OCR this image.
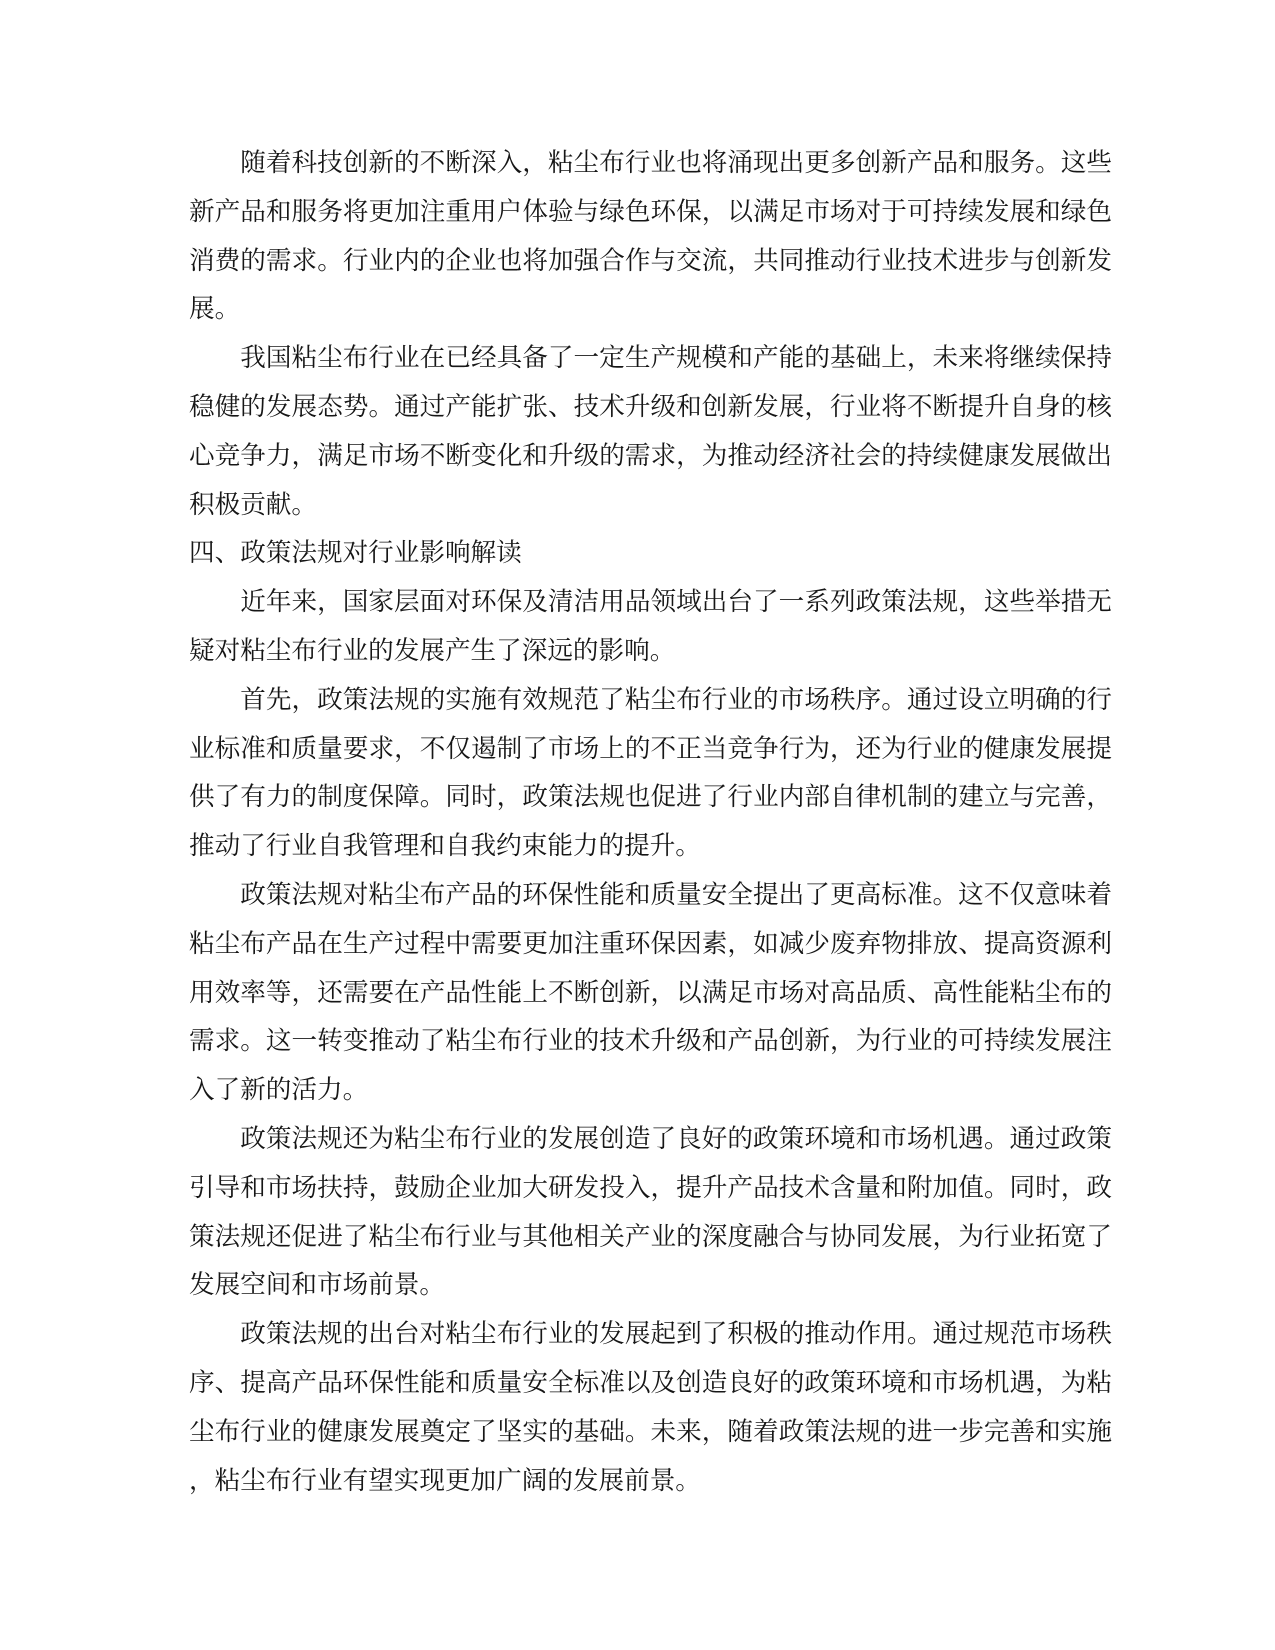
随着科技创新的不断深入，粘尘布行业也将涌现出更多创新产品和服务。这些新产品和服务将更加注重用户体验与绿色环保，以满足市场对于可持续发展和绿色消费的需求。行业内的企业也将加强合作与交流，共同推动行业技术进步与创新发展。

我国粘尘布行业在已经具备了一定生产规模和产能的基础上，未来将继续保持稳健的发展态势。通过产能扩张、技术升级和创新发展，行业将不断提升自身的核心竞争力，满足市场不断变化和升级的需求，为推动经济社会的持续健康发展做出积极贡献。

四、政策法规对行业影响解读

近年来，国家层面对环保及清洁用品领域出台了一系列政策法规，这些举措无疑对粘尘布行业的发展产生了深远的影响。

首先，政策法规的实施有效规范了粘尘布行业的市场秩序。通过设立明确的行业标准和质量要求，不仅遏制了市场上的不正当竞争行为，还为行业的健康发展提供了有力的制度保障。同时，政策法规也促进了行业内部自律机制的建立与完善，推动了行业自我管理和自我约束能力的提升。

政策法规对粘尘布产品的环保性能和质量安全提出了更高标准。这不仅意味着粘尘布产品在生产过程中需要更加注重环保因素，如减少废弃物排放、提高资源利用效率等，还需要在产品性能上不断创新，以满足市场对高品质、高性能粘尘布的需求。这一转变推动了粘尘布行业的技术升级和产品创新，为行业的可持续发展注入了新的活力。

政策法规还为粘尘布行业的发展创造了良好的政策环境和市场机遇。通过政策引导和市场扶持，鼓励企业加大研发投入，提升产品技术含量和附加值。同时，政策法规还促进了粘尘布行业与其他相关产业的深度融合与协同发展，为行业拓宽了发展空间和市场前景。

政策法规的出台对粘尘布行业的发展起到了积极的推动作用。通过规范市场秩序、提高产品环保性能和质量安全标准以及创造良好的政策环境和市场机遇，为粘尘布行业的健康发展奠定了坚实的基础。未来，随着政策法规的进一步完善和实施，粘尘布行业有望实现更加广阔的发展前景。
